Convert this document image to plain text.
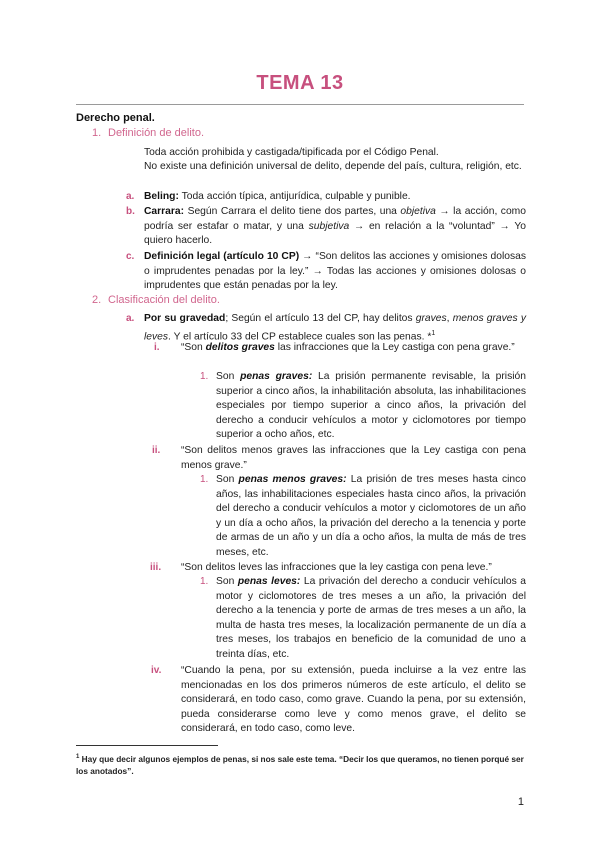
TEMA 13
Derecho penal.
1. Definición de delito.
Toda acción prohibida y castigada/tipificada por el Código Penal.
No existe una definición universal de delito, depende del país, cultura, religión, etc.
a. Beling: Toda acción típica, antijurídica, culpable y punible.
b. Carrara: Según Carrara el delito tiene dos partes, una objetiva → la acción, como podría ser estafar o matar, y una subjetiva → en relación a la “voluntad” → Yo quiero hacerlo.
c. Definición legal (artículo 10 CP) → “Son delitos las acciones y omisiones dolosas o imprudentes penadas por la ley.” → Todas las acciones y omisiones dolosas o imprudentes que están penadas por la ley.
2. Clasificación del delito.
a. Por su gravedad; Según el artículo 13 del CP, hay delitos graves, menos graves y leves. Y el artículo 33 del CP establece cuales son las penas. *$^1$
i. “Son delitos graves las infracciones que la Ley castiga con pena grave.”
1. Son penas graves: La prisión permanente revisable, la prisión superior a cinco años, la inhabilitación absoluta, las inhabilitaciones especiales por tiempo superior a cinco años, la privación del derecho a conducir vehículos a motor y ciclomotores por tiempo superior a ocho años, etc.
ii. “Son delitos menos graves las infracciones que la Ley castiga con pena menos grave.”
1. Son penas menos graves: La prisión de tres meses hasta cinco años, las inhabilitaciones especiales hasta cinco años, la privación del derecho a conducir vehículos a motor y ciclomotores de un año y un día a ocho años, la privación del derecho a la tenencia y porte de armas de un año y un día a ocho años, la multa de más de tres meses, etc.
iii. “Son delitos leves las infracciones que la ley castiga con pena leve.”
1. Son penas leves: La privación del derecho a conducir vehículos a motor y ciclomotores de tres meses a un año, la privación del derecho a la tenencia y porte de armas de tres meses a un año, la multa de hasta tres meses, la localización permanente de un día a tres meses, los trabajos en beneficio de la comunidad de uno a treinta días, etc.
iv. “Cuando la pena, por su extensión, pueda incluirse a la vez entre las mencionadas en los dos primeros números de este artículo, el delito se considerará, en todo caso, como grave. Cuando la pena, por su extensión, pueda considerarse como leve y como menos grave, el delito se considerará, en todo caso, como leve.
$^1$ Hay que decir algunos ejemplos de penas, si nos sale este tema. “Decir los que queramos, no tienen porqué ser los anotados”.
1
